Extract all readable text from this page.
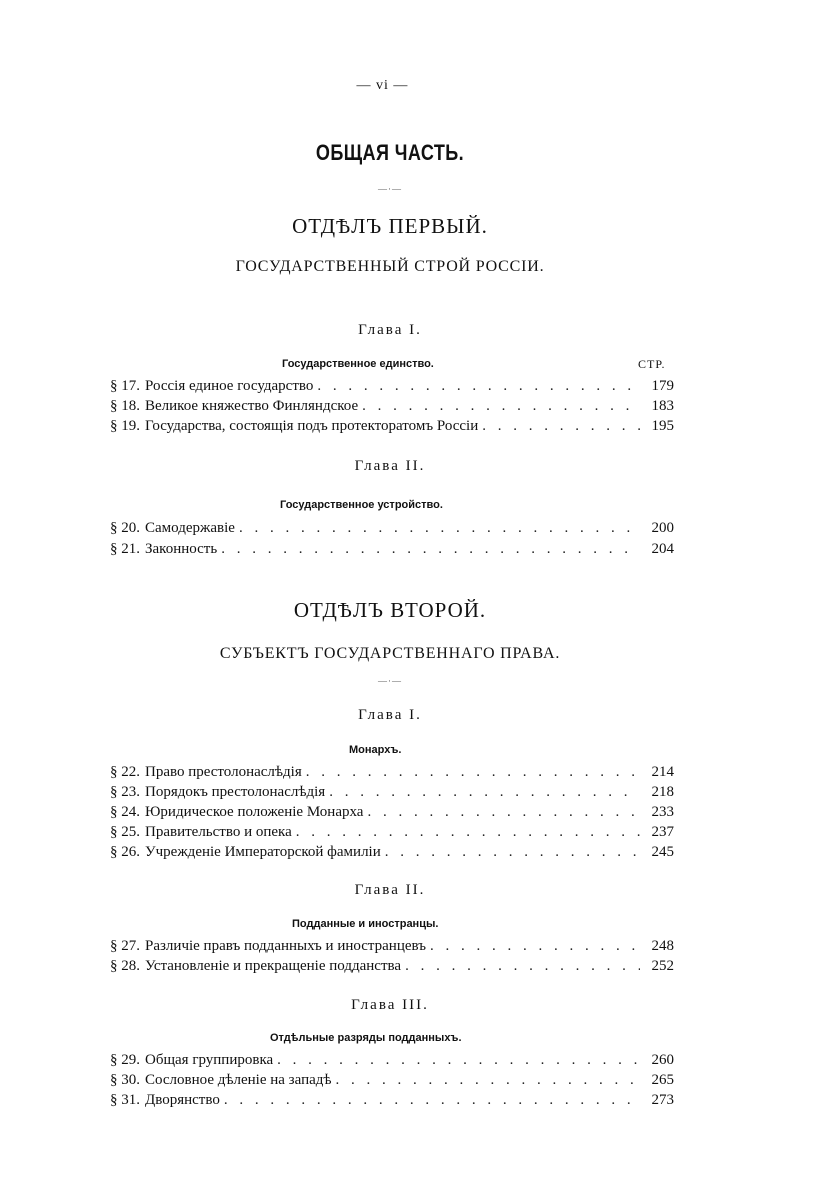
— vi —
ОБЩАЯ ЧАСТЬ.
—·—
ОТДѢЛЪ ПЕРВЫЙ.
ГОСУДАРСТВЕННЫЙ СТРОЙ РОССІИ.
Глава I.
Государственное единство.	СТР.
§ 17. Россія единое государство . . .	179
§ 18. Великое княжество Финляндское . . .	183
§ 19. Государства, состоящія подъ протекторатомъ Россіи . . .	195
Глава II.
Государственное устройство.
§ 20. Самодержавіе . . .	200
§ 21. Законность . . .	204
ОТДѢЛЪ ВТОРОЙ.
СУБЪЕКТЪ ГОСУДАРСТВЕННАГО ПРАВА.
—·—
Глава I.
Монархъ.
§ 22. Право престолонаслѣдія . . .	214
§ 23. Порядокъ престолонаслѣдія . . .	218
§ 24. Юридическое положеніе Монарха . . .	233
§ 25. Правительство и опека . . .	237
§ 26. Учрежденіе Императорской фамиліи . . .	245
Глава II.
Подданные и иностранцы.
§ 27. Различіе правъ подданныхъ и иностранцевъ . . .	248
§ 28. Установленіе и прекращеніе подданства . . .	252
Глава III.
Отдѣльные разряды подданныхъ.
§ 29. Общая группировка . . .	260
§ 30. Сословное дѣленіе на западѣ . . .	265
§ 31. Дворянство . . .	273
